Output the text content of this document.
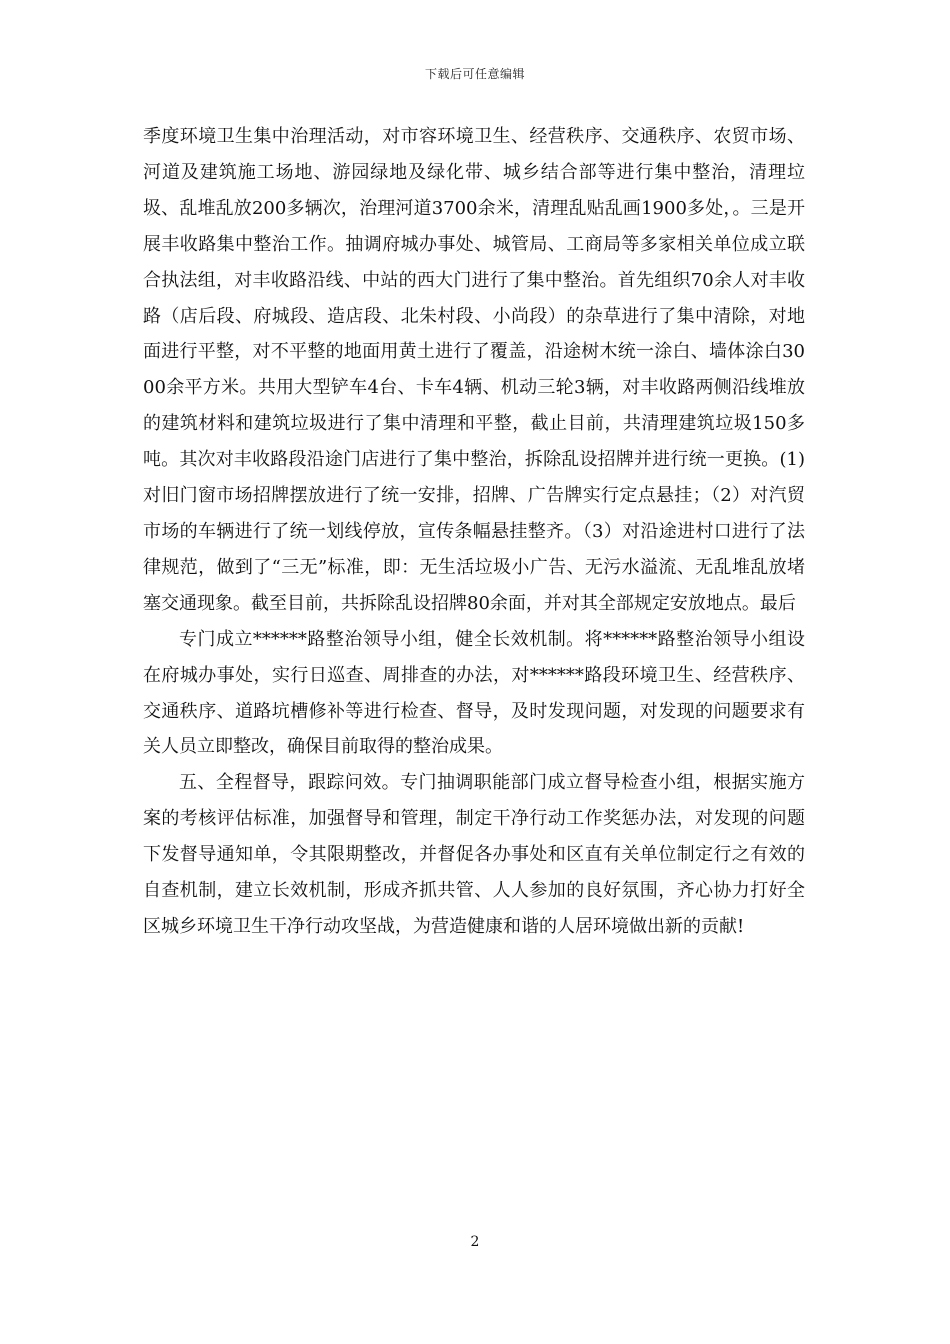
下载后可任意编辑

季度环境卫生集中治理活动，对市容环境卫生、经营秩序、交通秩序、农贸市场、河道及建筑施工场地、游园绿地及绿化带、城乡结合部等进行集中整治，清理垃圾、乱堆乱放200多辆次，治理河道3700余米，清理乱贴乱画1900多处，。三是开展丰收路集中整治工作。抽调府城办事处、城管局、工商局等多家相关单位成立联合执法组，对丰收路沿线、中站的西大门进行了集中整治。首先组织70余人对丰收路（店后段、府城段、造店段、北朱村段、小尚段）的杂草进行了集中清除，对地面进行平整，对不平整的地面用黄土进行了覆盖，沿途树木统一涂白、墙体涂白3000余平方米。共用大型铲车4台、卡车4辆、机动三轮3辆，对丰收路两侧沿线堆放的建筑材料和建筑垃圾进行了集中清理和平整，截止目前，共清理建筑垃圾150多吨。其次对丰收路段沿途门店进行了集中整治，拆除乱设招牌并进行统一更换。(1)对旧门窗市场招牌摆放进行了统一安排，招牌、广告牌实行定点悬挂；（2）对汽贸市场的车辆进行了统一划线停放，宣传条幅悬挂整齐。（3）对沿途进村口进行了法律规范，做到了“三无”标准，即：无生活垃圾小广告、无污水溢流、无乱堆乱放堵塞交通现象。截至目前，共拆除乱设招牌80余面，并对其全部规定安放地点。最后

专门成立******路整治领导小组，健全长效机制。将******路整治领导小组设在府城办事处，实行日巡查、周排查的办法，对******路段环境卫生、经营秩序、交通秩序、道路坑槽修补等进行检查、督导，及时发现问题，对发现的问题要求有关人员立即整改，确保目前取得的整治成果。

五、全程督导，跟踪问效。专门抽调职能部门成立督导检查小组，根据实施方案的考核评估标准，加强督导和管理，制定干净行动工作奖惩办法，对发现的问题下发督导通知单，令其限期整改，并督促各办事处和区直有关单位制定行之有效的自查机制，建立长效机制，形成齐抓共管、人人参加的良好氛围，齐心协力打好全区城乡环境卫生干净行动攻坚战，为营造健康和谐的人居环境做出新的贡献!

2
